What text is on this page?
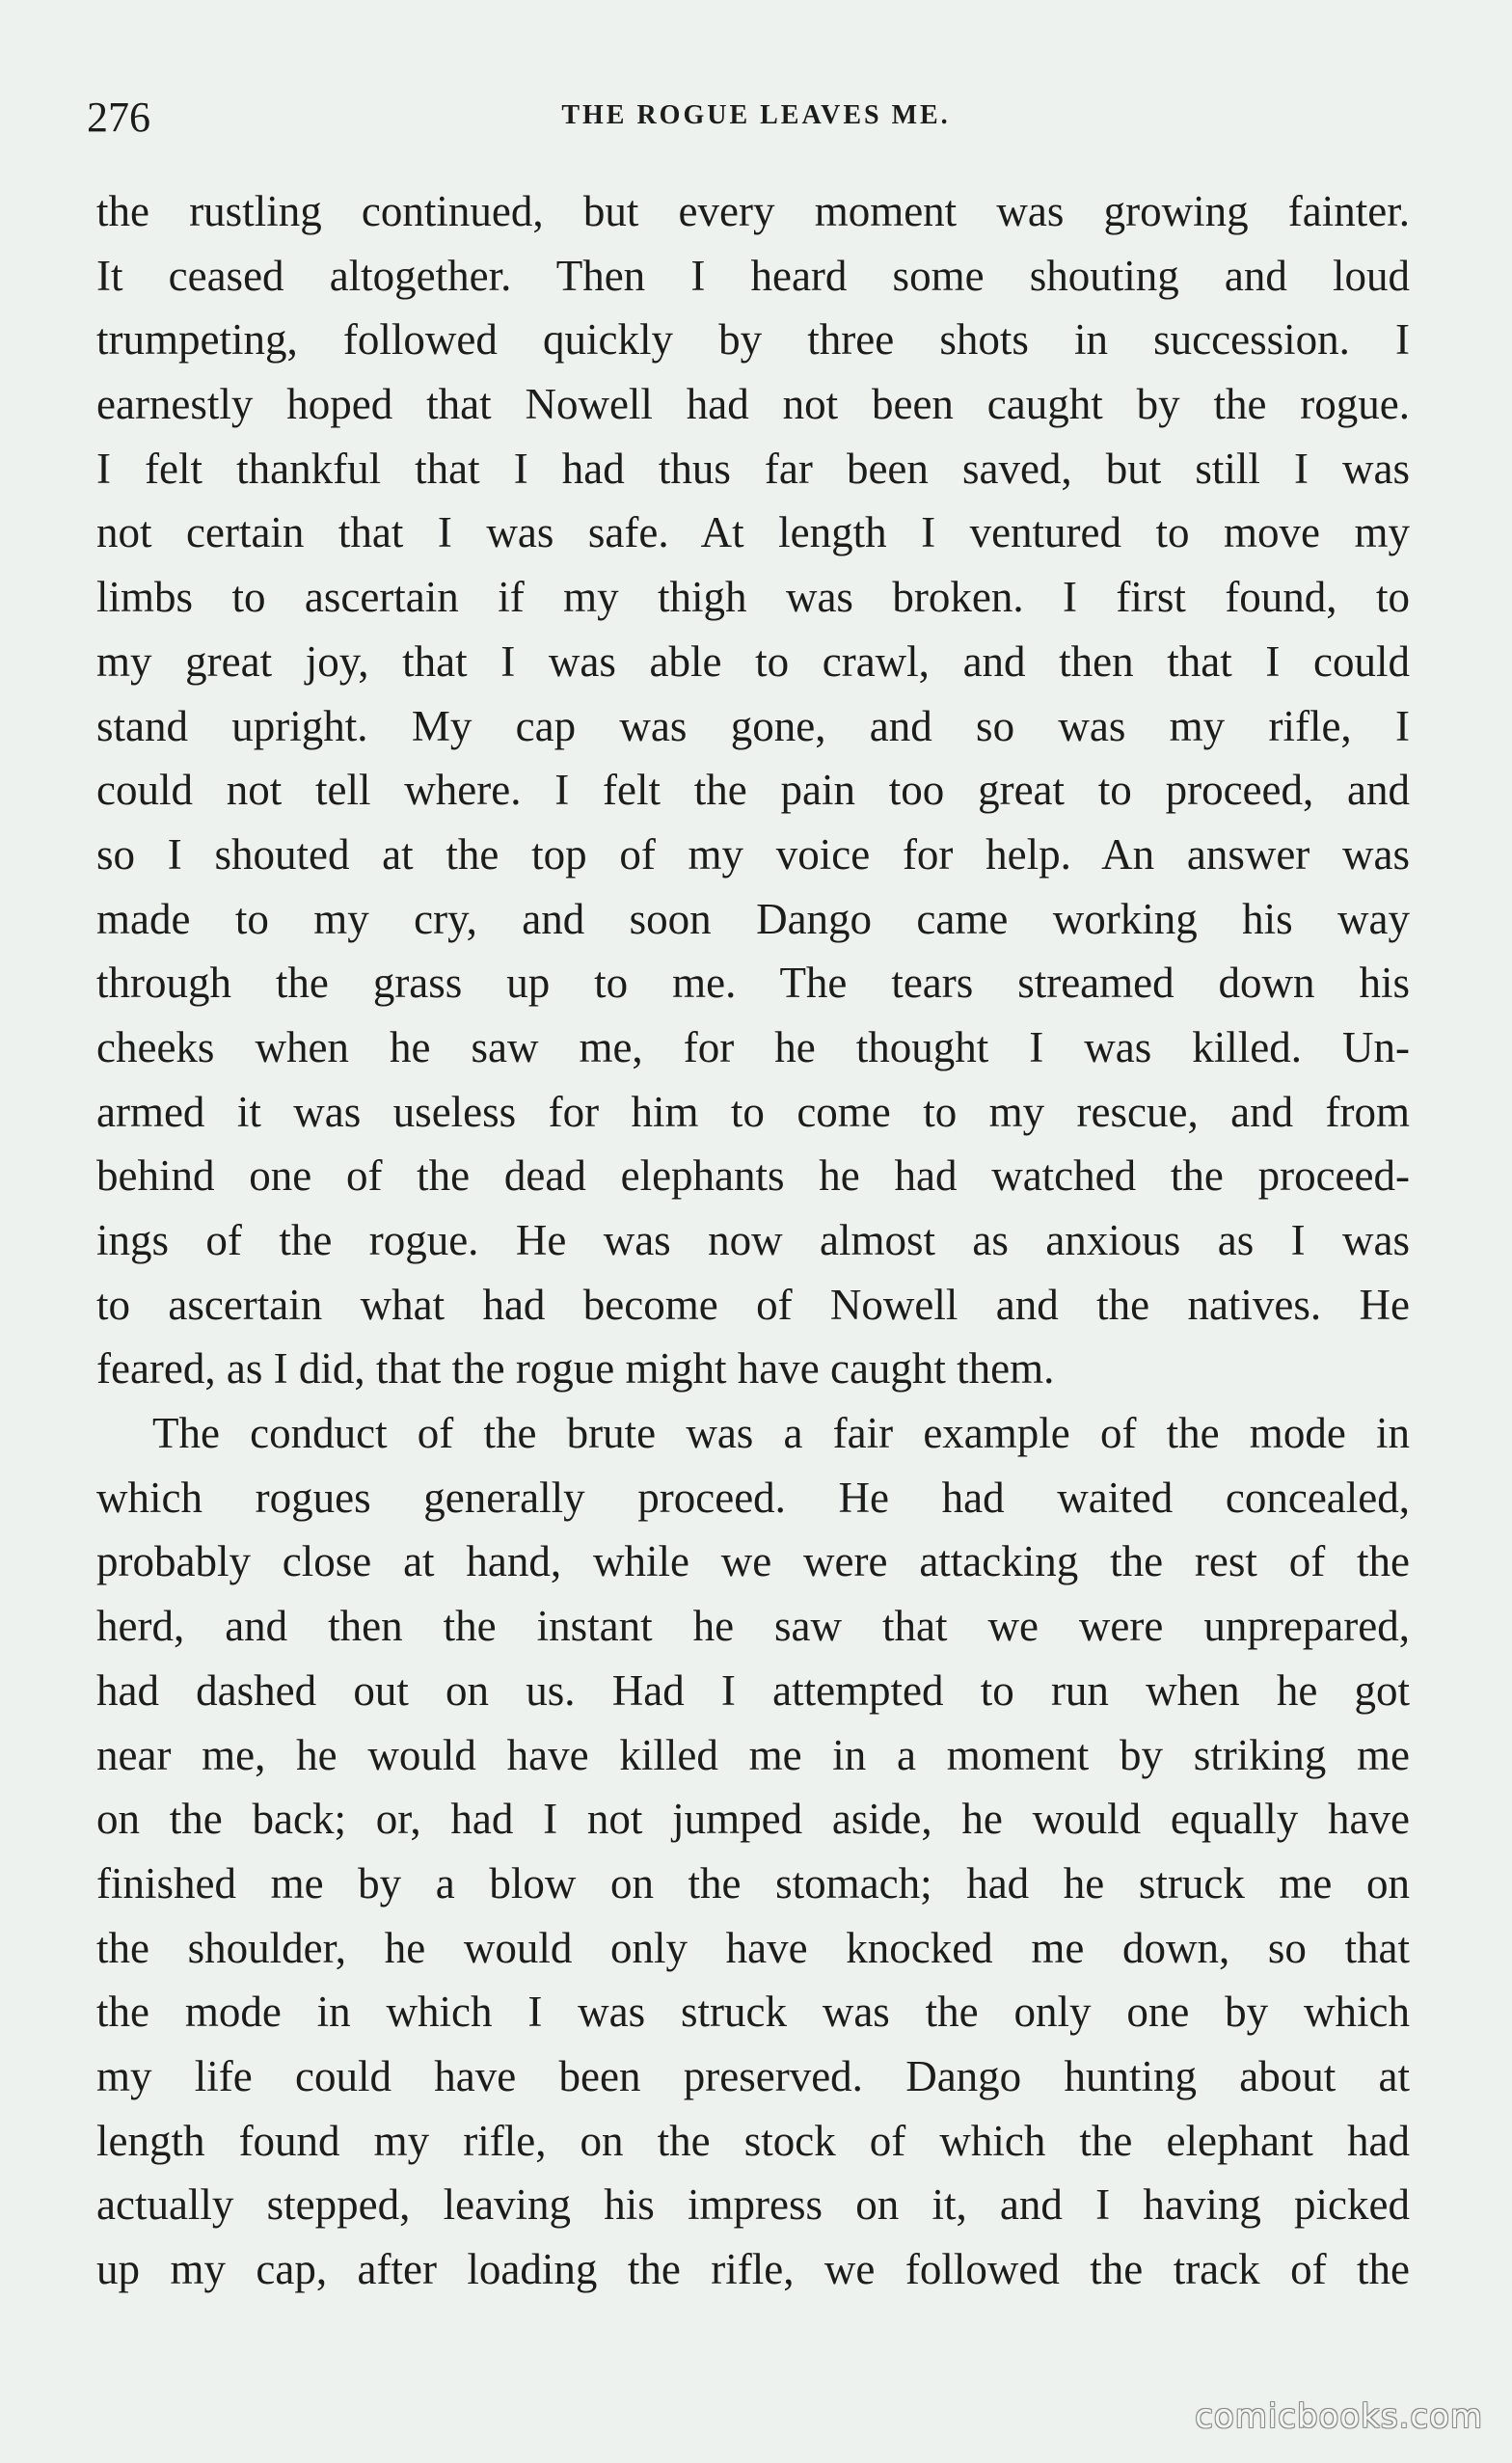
276	THE ROGUE LEAVES ME.
the rustling continued, but every moment was growing fainter.
It ceased altogether. Then I heard some shouting and loud
trumpeting, followed quickly by three shots in succession. I
earnestly hoped that Nowell had not been caught by the rogue.
I felt thankful that I had thus far been saved, but still I was
not certain that I was safe. At length I ventured to move my
limbs to ascertain if my thigh was broken. I first found, to
my great joy, that I was able to crawl, and then that I could
stand upright. My cap was gone, and so was my rifle, I
could not tell where. I felt the pain too great to proceed, and
so I shouted at the top of my voice for help. An answer was
made to my cry, and soon Dango came working his way
through the grass up to me. The tears streamed down his
cheeks when he saw me, for he thought I was killed. Un-
armed it was useless for him to come to my rescue, and from
behind one of the dead elephants he had watched the proceed-
ings of the rogue. He was now almost as anxious as I was
to ascertain what had become of Nowell and the natives. He
feared, as I did, that the rogue might have caught them.
The conduct of the brute was a fair example of the mode in
which rogues generally proceed. He had waited concealed,
probably close at hand, while we were attacking the rest of the
herd, and then the instant he saw that we were unprepared,
had dashed out on us. Had I attempted to run when he got
near me, he would have killed me in a moment by striking me
on the back; or, had I not jumped aside, he would equally have
finished me by a blow on the stomach; had he struck me on
the shoulder, he would only have knocked me down, so that
the mode in which I was struck was the only one by which
my life could have been preserved. Dango hunting about at
length found my rifle, on the stock of which the elephant had
actually stepped, leaving his impress on it, and I having picked
up my cap, after loading the rifle, we followed the track of the
comicbooks.com
